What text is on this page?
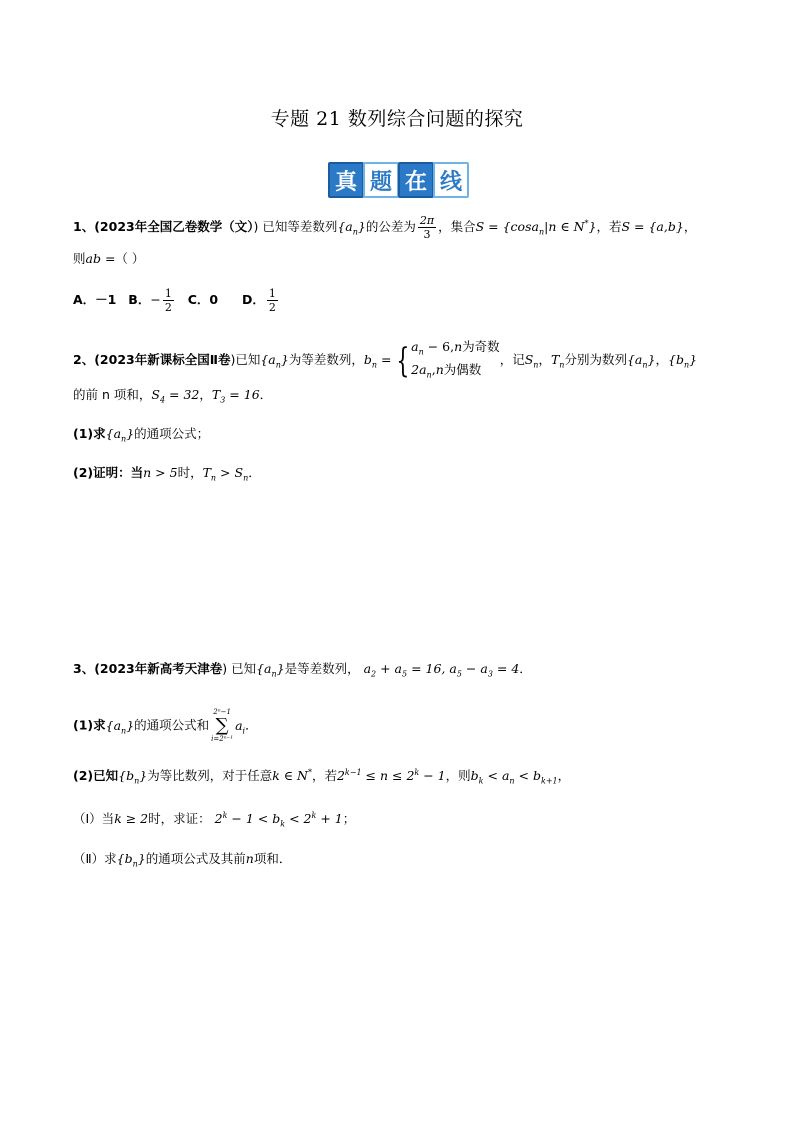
专题 21 数列综合问题的探究
真 题 在 线
1、(2023年全国乙卷数学（文）) 已知等差数列$\{a_n\}$的公差为 $\frac{2\pi}{3}$ ，集合S = {cosa$_n$|n ∈ N*}，若S = {a,b}，
则ab =（ ）
A．－1 B．− $\frac{1}{2}$ C．0 D． $\frac{1}{2}$
2、(2023年新课标全国Ⅱ卷)已知$\{a_n\}$为等差数列，$b_n$ = { $a_n - 6,n$为奇数
$2a_n,n$为偶数
，记$S_n$，$T_n$分别为数列$\{a_n\}$，$\{b_n\}$
的前 n 项和，$S_4 = 32$，$T_3 = 16$．
(1)求$\{a_n\}$的通项公式；
(2)证明：当n > 5时，$T_n > S_n$．
3、(2023年新高考天津卷) 已知$\{a_n\}$是等差数列， $a_2 + a_5 = 16$, $a_5 - a_3 = 4$．
(1)求$\{a_n\}$的通项公式和
2ⁿ−1
∑
i=2ⁿ⁻¹
$a_i$．
(2)已知$\{b_n\}$为等比数列，对于任意k ∈ N*，若$2^{k-1} \le n \le 2^k - 1$，则$b_k < a_n < b_{k+1}$，
（Ⅰ）当k ≥ 2时，求证： $2^k - 1 < b_k < 2^k + 1$；
（Ⅱ）求$\{b_n\}$的通项公式及其前n项和．
